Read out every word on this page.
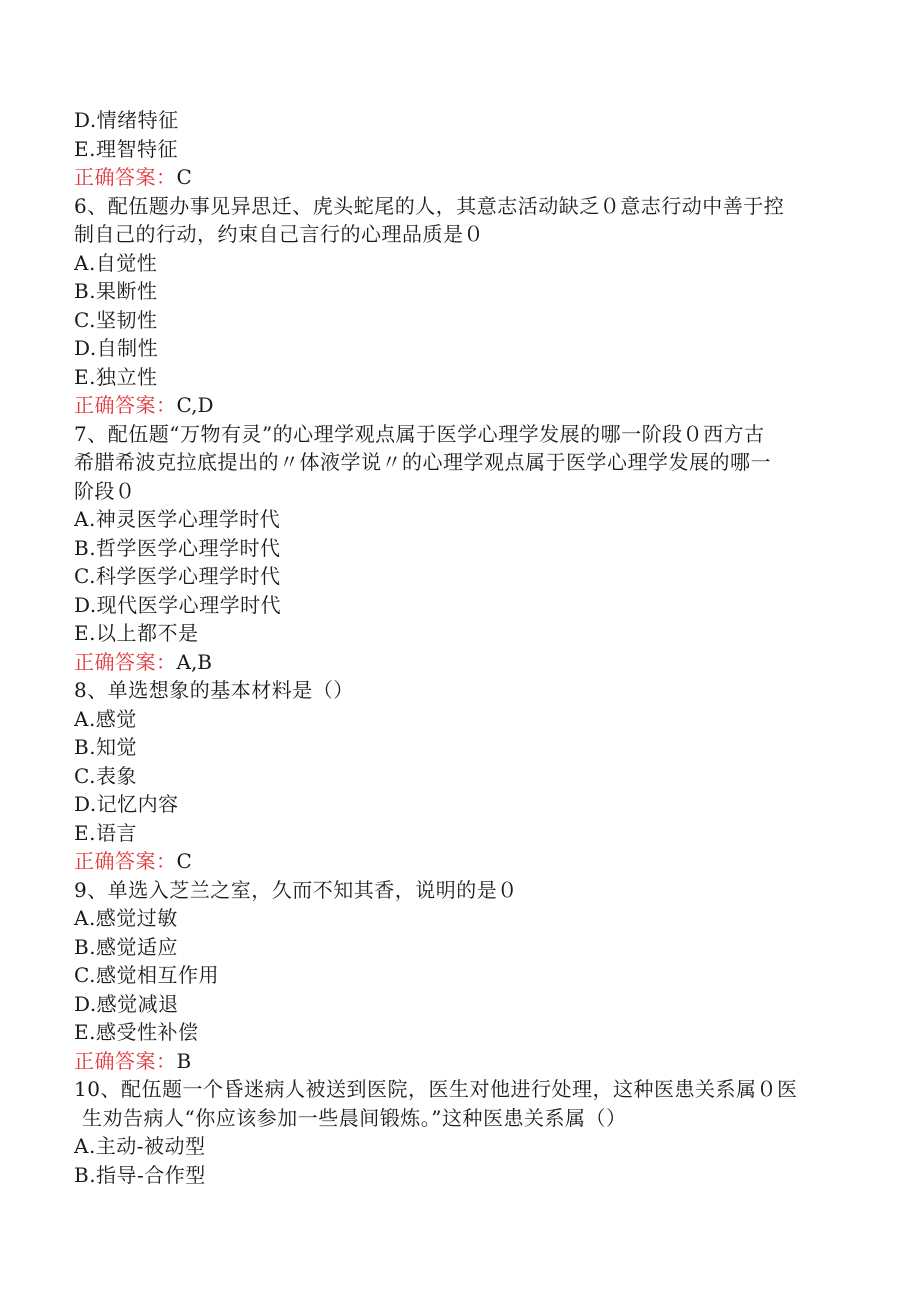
D.情绪特征
E.理智特征
正确答案：C
6、配伍题办事见异思迁、虎头蛇尾的人，其意志活动缺乏０意志行动中善于控
制自己的行动，约束自己言行的心理品质是０
A.自觉性
B.果断性
C.坚韧性
D.自制性
E.独立性
正确答案：C,D
7、配伍题“万物有灵”的心理学观点属于医学心理学发展的哪一阶段０西方古
希腊希波克拉底提出的〃体液学说〃的心理学观点属于医学心理学发展的哪一
阶段０
A.神灵医学心理学时代
B.哲学医学心理学时代
C.科学医学心理学时代
D.现代医学心理学时代
E.以上都不是
正确答案：A,B
8、单选想象的基本材料是（）
A.感觉
B.知觉
C.表象
D.记忆内容
E.语言
正确答案：C
9、单选入芝兰之室，久而不知其香，说明的是０
A.感觉过敏
B.感觉适应
C.感觉相互作用
D.感觉减退
E.感受性补偿
正确答案：B
10、配伍题一个昏迷病人被送到医院，医生对他进行处理，这种医患关系属０医
生劝告病人“你应该参加一些晨间锻炼。”这种医患关系属（）
A.主动-被动型
B.指导-合作型
